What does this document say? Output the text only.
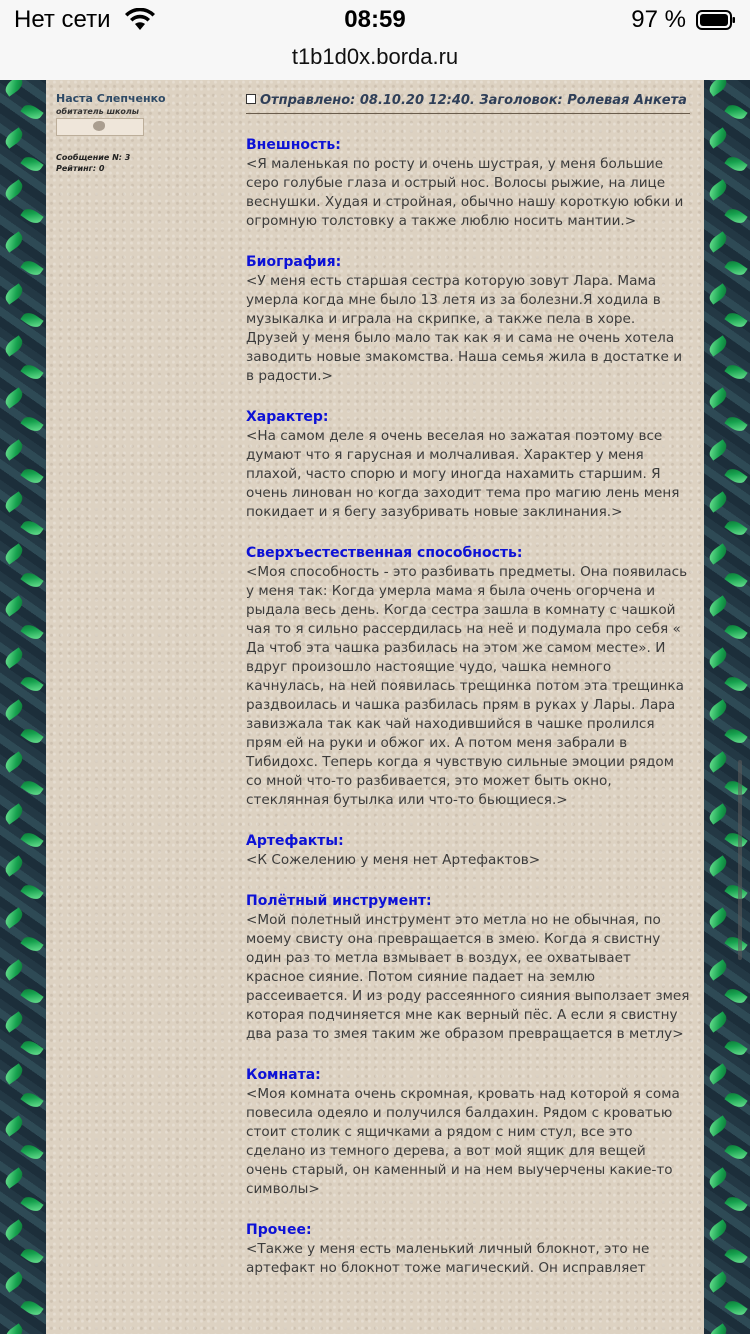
Нет сети	08:59	97 %
t1b1d0x.borda.ru
Наста Слепченко
обитатель школы
Сообщение N: 3
Рейтинг: 0
Отправлено: 08.10.20 12:40. Заголовок: Ролевая Анкета
Внешность:
<Я маленькая по росту и очень шустрая, у меня большие серо голубые глаза и острый нос. Волосы рыжие, на лице веснушки. Худая и стройная, обычно нашу короткую юбки и огромную толстовку а также люблю носить мантии.>
Биография:
<У меня есть старшая сестра которую зовут Лара. Мама умерла когда мне было 13 летя из за болезни.Я ходила в музыкалка и играла на скрипке, а также пела в хоре. Друзей у меня было мало так как я и сама не очень хотела заводить новые змакомства. Наша семья жила в достатке и в радости.>
Характер:
<На самом деле я очень веселая но зажатая поэтому все думают что я гарусная и молчаливая. Характер у меня плахой, часто спорю и могу иногда нахамить старшим. Я очень линован но когда заходит тема про магию лень меня покидает и я бегу зазубривать новые заклинания.>
Сверхъестественная способность:
<Моя способность - это разбивать предметы. Она появилась у меня так: Когда умерла мама я была очень огорчена и рыдала весь день. Когда сестра зашла в комнату с чашкой чая то я сильно рассердилась на неё и подумала про себя « Да чтоб эта чашка разбилась на этом же самом месте». И вдруг произошло настоящие чудо, чашка немного качнулась, на ней появилась трещинка потом эта трещинка раздвоилась и чашка разбилась прям в руках у Лары. Лара завизжала так как чай находившийся в чашке пролился прям ей на руки и обжог их. А потом меня забрали в Тибидохс. Теперь когда я чувствую сильные эмоции рядом со мной что-то разбивается, это может быть окно, стеклянная бутылка или что-то бьющиеся.>
Артефакты:
<К Сожелению у меня нет Артефактов>
Полётный инструмент:
<Мой полетный инструмент это метла но не обычная, по моему свисту она превращается в змею. Когда я свистну один раз то метла взмывает в воздух, ее охватывает красное сияние. Потом сияние падает на землю рассеивается. И из роду рассеянного сияния выползает змея которая подчиняется мне как верный пёс. А если я свистну два раза то змея таким же образом превращается в метлу>
Комната:
<Моя комната очень скромная, кровать над которой я сома повесила одеяло и получился балдахин. Рядом с кроватью стоит столик с ящичками а рядом с ним стул, все это сделано из темного дерева, а вот мой ящик для вещей очень старый, он каменный и на нем выучерчены какие-то символы>
Прочее:
<Также у меня есть маленький личный блокнот, это не артефакт но блокнот тоже магический. Он исправляет
